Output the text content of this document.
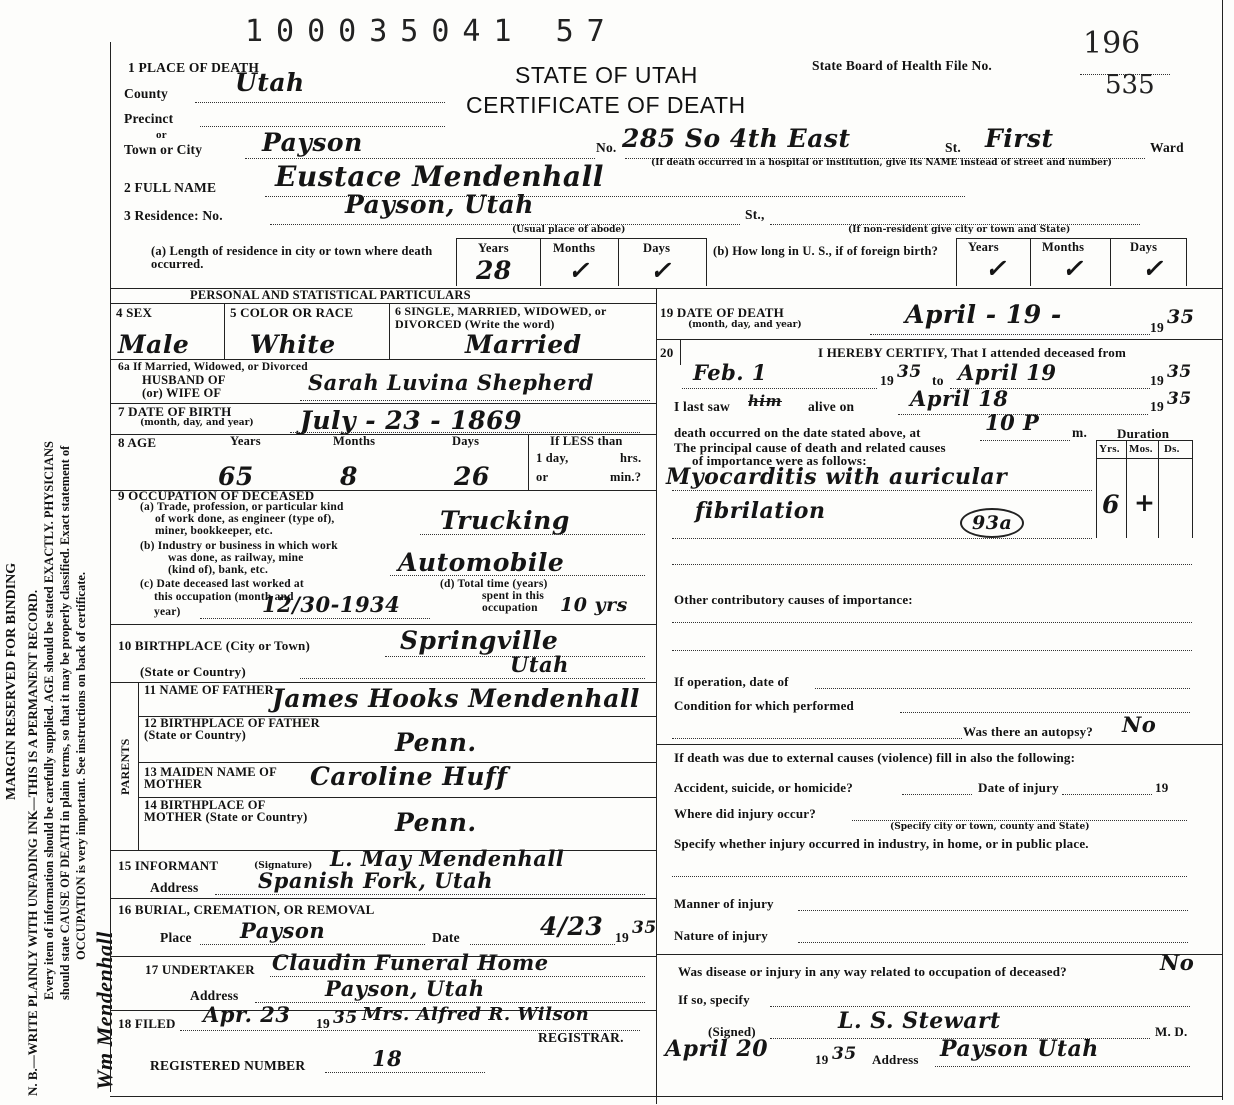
MARGIN RESERVED FOR BINDING N. B.—WRITE PLAINLY WITH UNFADING INK—THIS IS A PERMANENT RECORD. Every item of information should be carefully supplied. AGE should be stated EXACTLY. PHYSICIANS should state CAUSE OF DEATH in plain terms, so that it may be properly classified. Exact statement of OCCUPATION is very important. See instructions on back of certificate.
Wm Mendenhall
100035041 57
STATE OF UTAH
CERTIFICATE OF DEATH
State Board of Health File No.
196
535
1 PLACE OF DEATH
County	Utah
Precinct
or
Town or City Payson	No. 285 So 4th East	St. First	Ward
(If death occurred in a hospital or institution, give its NAME instead of street and number)
2 FULL NAME Eustace Mendenhall
3 Residence: No.	Payson, Utah	St.,
(Usual place of abode)	(If non-resident give city or town and State)
(a) Length of residence in city or town where death occurred.
Years	Months	Days
28 ✓ ✓
(b) How long in U. S., if of foreign birth?	Years	Months	Days
✓ ✓ ✓
PERSONAL AND STATISTICAL PARTICULARS
4 SEX
Male
5 COLOR OR RACE
White
6 SINGLE, MARRIED, WIDOWED, or DIVORCED (Write the word)
Married
6a If Married, Widowed, or Divorced
HUSBAND OF
(or) WIFE OF	Sarah Luvina Shepherd
7 DATE OF BIRTH
(month, day, and year) July - 23 - 1869
8 AGE	Years	Months	Days
65	8	26
If LESS than
1 day,	hrs.
or	min.?
9 OCCUPATION OF DECEASED
(a) Trade, profession, or particular kind
of work done, as engineer (type of),
miner, bookkeeper, etc.	Trucking
(b) Industry or business in which work
was done, as railway, mine
(kind of), bank, etc.	Automobile
(c) Date deceased last worked at
this occupation (month and
year)	12/30-1934
(d) Total time (years)
spent in this
occupation 10 yrs
10 BIRTHPLACE (City or Town)	Springville
(State or Country)	Utah
PARENTS
11 NAME OF FATHER
James Hooks Mendenhall
12 BIRTHPLACE OF FATHER (State or Country)	Penn.
13 MAIDEN NAME OF MOTHER	Caroline Huff
14 BIRTHPLACE OF MOTHER (State or Country)	Penn.
15 INFORMANT	(Signature) L. May Mendenhall
Address	Spanish Fork, Utah
16 BURIAL, CREMATION, OR REMOVAL
Place Payson	Date	4/23 19 35
17 UNDERTAKER Claudin Funeral Home
Address	Payson, Utah
18 FILED Apr. 23 19 35 Mrs. Alfred R. Wilson
REGISTRAR.
REGISTERED NUMBER	18
19 DATE OF DEATH
(month, day, and year)	April - 19 -	19 35
20	I HEREBY CERTIFY, That I attended deceased from
Feb. 1	19 35 to April 19	19 35
I last saw him alive on	April 18	19 35
death occurred on the date stated above, at	10 P m. Duration
Yrs. Mos. Ds.
The principal cause of death and related causes
of importance were as follows:
Myocarditis with auricular
fibrilation	93a
6 +
Other contributory causes of importance:
If operation, date of
Condition for which performed
Was there an autopsy? No
If death was due to external causes (violence) fill in also the following:
Accident, suicide, or homicide?	Date of injury	19
Where did injury occur?
(Specify city or town, county and State)
Specify whether injury occurred in industry, in home, or in public place.
Manner of injury
Nature of injury
Was disease or injury in any way related to occupation of deceased?	No
If so, specify
(Signed)	L. S. Stewart	M. D.
April 20	19 35 Address Payson Utah
